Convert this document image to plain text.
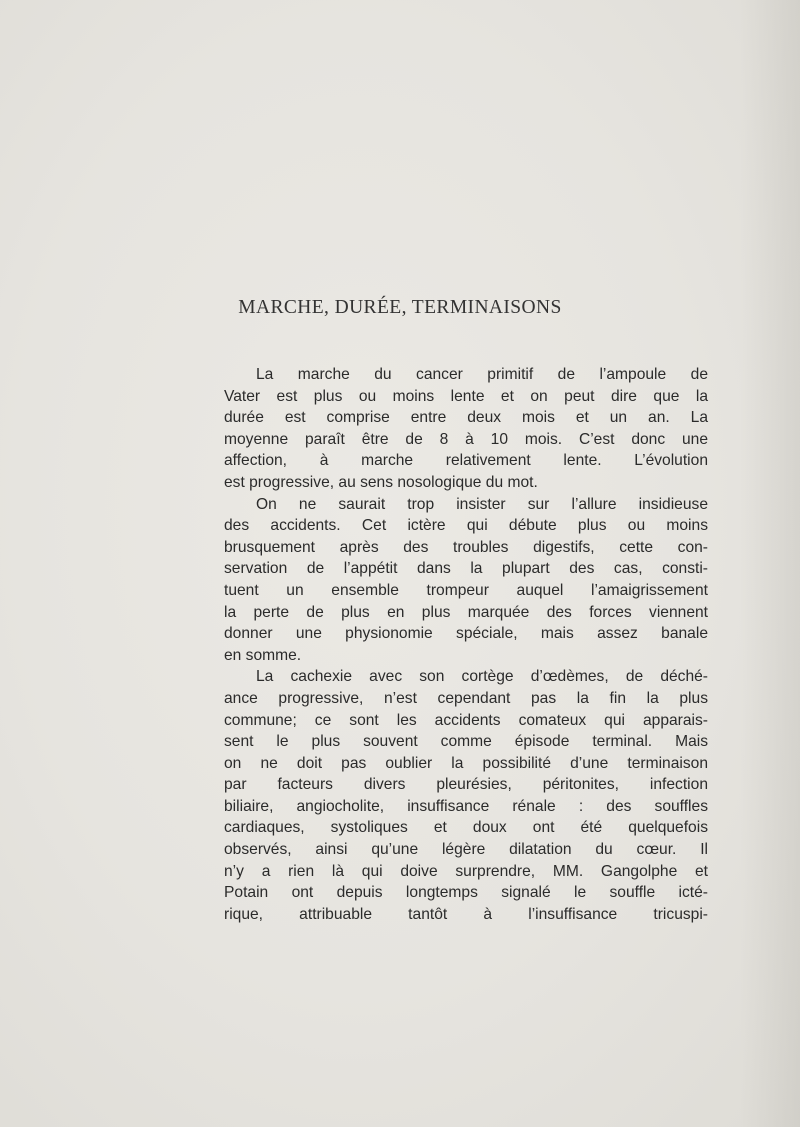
MARCHE, DURÉE, TERMINAISONS
La marche du cancer primitif de l’ampoule de
Vater est plus ou moins lente et on peut dire que la
durée est comprise entre deux mois et un an. La
moyenne paraît être de 8 à 10 mois. C’est donc une
affection, à marche relativement lente. L’évolution
est progressive, au sens nosologique du mot.
On ne saurait trop insister sur l’allure insidieuse
des accidents. Cet ictère qui débute plus ou moins
brusquement après des troubles digestifs, cette con-
servation de l’appétit dans la plupart des cas, consti-
tuent un ensemble trompeur auquel l’amaigrissement
la perte de plus en plus marquée des forces viennent
donner une physionomie spéciale, mais assez banale
en somme.
La cachexie avec son cortège d’œdèmes, de déché-
ance progressive, n’est cependant pas la fin la plus
commune; ce sont les accidents comateux qui apparais-
sent le plus souvent comme épisode terminal. Mais
on ne doit pas oublier la possibilité d’une terminaison
par facteurs divers pleurésies, péritonites, infection
biliaire, angiocholite, insuffisance rénale : des souffles
cardiaques, systoliques et doux ont été quelquefois
observés, ainsi qu’une légère dilatation du cœur. Il
n’y a rien là qui doive surprendre, MM. Gangolphe et
Potain ont depuis longtemps signalé le souffle icté-
rique, attribuable tantôt à l’insuffisance tricuspi-
